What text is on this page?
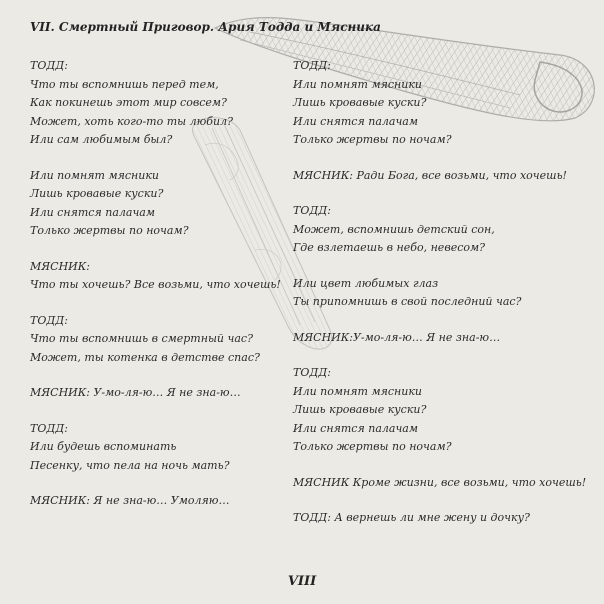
VII. Смертный Приговор. Ария Тодда и Мясника
ТОДД:
Что ты вспомнишь перед тем,
Как покинешь этот мир совсем?
Может, хоть кого-то ты любил?
Или сам любимым был?
Или помнят мясники
Лишь кровавые куски?
Или снятся палачам
Только жертвы по ночам?
МЯСНИК:
Что ты хочешь? Все возьми, что хочешь!
ТОДД:
Что ты вспомнишь в смертный час?
Может, ты котенка в детстве спас?
МЯСНИК: У-мо-ля-ю… Я не зна-ю…
ТОДД:
Или будешь вспоминать
Песенку, что пела на ночь мать?
МЯСНИК: Я не зна-ю… Умоляю…
ТОДД:
Или помнят мясники
Лишь кровавые куски?
Или снятся палачам
Только жертвы по ночам?
МЯСНИК: Ради Бога, все возьми, что хочешь!
ТОДД:
Может, вспомнишь детский сон,
Где взлетаешь в небо, невесом?
Или цвет любимых глаз
Ты припомнишь в свой последний час?
МЯСНИК:У-мо-ля-ю… Я не зна-ю…
ТОДД:
Или помнят мясники
Лишь кровавые куски?
Или снятся палачам
Только жертвы по ночам?
МЯСНИК Кроме жизни, все возьми, что хочешь!
ТОДД: А вернешь ли мне жену и дочку?
VIII
